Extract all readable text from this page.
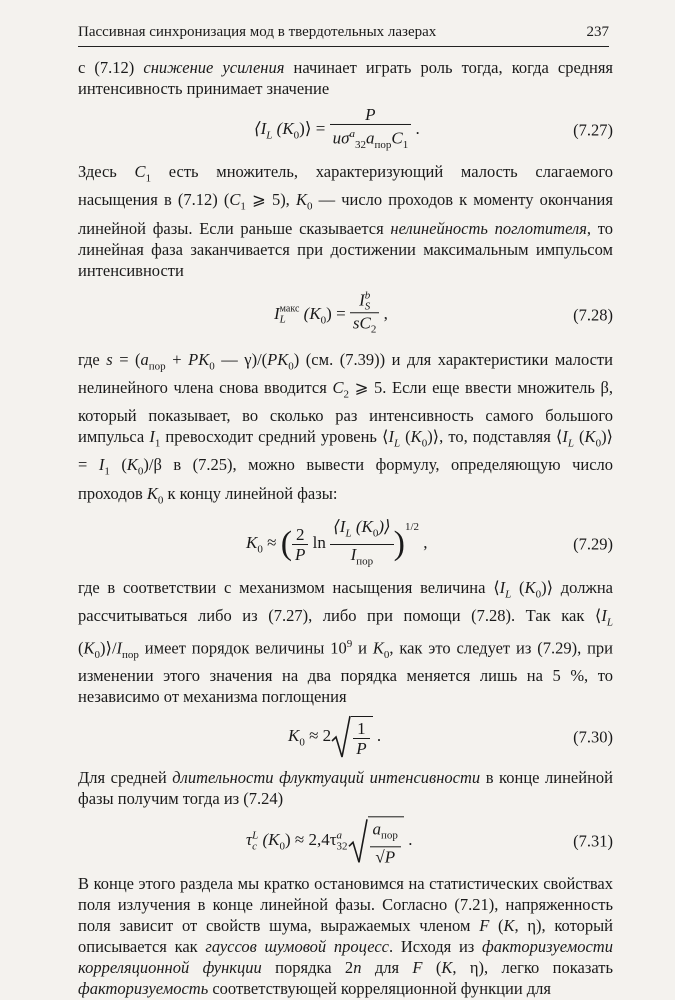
Пассивная синхронизация мод в твердотельных лазерах	237

с (7.12) снижение усиления начинает играть роль тогда, когда средняя интенсивность принимает значение

$⟨I_L$ $(K_0)⟩ = \frac{P}{u\sigma^a_{32}a_{пор}C_1}$ .	(7.27)

Здесь $C_1$ есть множитель, характеризующий малость слагаемого насыщения в (7.12) ($C_1$ ⩾ 5), $K_0$ — число проходов к моменту окончания линейной фазы. Если раньше сказывается нелинейность поглотителя, то линейная фаза заканчивается при достижении максимальным импульсом интенсивности

I макс
L $(K_0) = I$ b
S
$sC_2$ ,	(7.28)

где $s = (a_{пор} + PK_0$ — $\gamma)/(PK_0)$ (см. (7.39)) и для характеристики малости нелинейного члена снова вводится $C_2$ ⩾ 5. Если еще ввести множитель β, который показывает, во сколько раз интенсивность самого большого импульса $I_1$ превосходит средний уровень $⟨I_L$ $(K_0)⟩$, то, подставляя $⟨I_L$ $(K_0)⟩ = I_1$ $(K_0)/\beta$ в (7.25), можно вывести формулу, определяющую число проходов $K_0$ к концу линейной фазы:

$K_0$ ≈ ( $\frac{2}{P}$ $\ln \frac{⟨I_L (K_0)⟩}{I_{пор}} )^{1/2}$ ,	(7.29)

где в соответствии с механизмом насыщения величина $⟨I_L$ $(K_0)⟩$ должна рассчитываться либо из (7.27), либо при помощи (7.28). Так как $⟨I_L$ $(K_0)⟩/I_{пор}$ имеет порядок величины $10^9$ и $K_0$, как это следует из (7.29), при изменении этого значения на два порядка меняется лишь на 5 %, то независимо от механизма поглощения

$K_0 \approx 2 \frac{1}{P}$ .	(7.30)

Для средней длительности флуктуаций интенсивности в конце линейной фазы получим тогда из (7.24)

τ L
c $(K_0) \approx 2,4\tau$ a
$32 \frac{a_{пор}}{√P}$ .	(7.31)

В конце этого раздела мы кратко остановимся на статистических свойствах поля излучения в конце линейной фазы. Согласно (7.21), напряженность поля зависит от свойств шума, выражаемых членом F (K, η), который описывается как гауссов шумовой процесс. Исходя из факторизуемости корреляционной функции порядка 2n для F (K, η), легко показать факторизуемость соответствующей корреляционной функции для
